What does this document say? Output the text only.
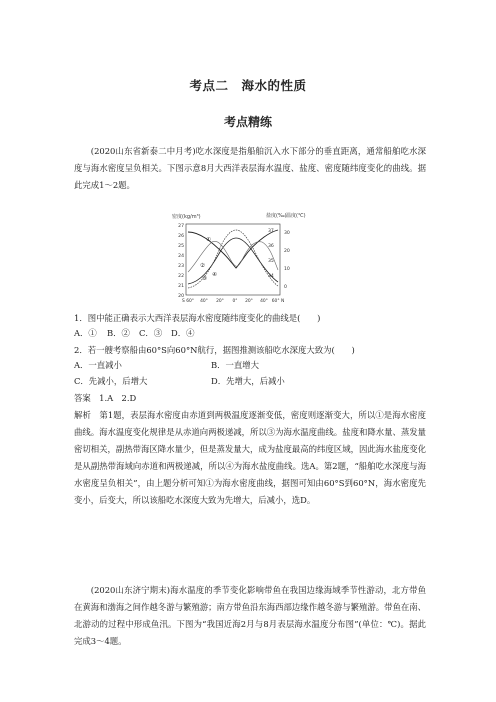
考点二　海水的性质
考点精练
(2020山东省新泰二中月考)吃水深度是指船舶沉入水下部分的垂直距离，通常船舶吃水深度与海水密度呈负相关。下图示意8月大西洋表层海水温度、盐度、密度随纬度变化的曲线。据此完成1～2题。
密度(kg/m³)	盐度(‰) 温度(℃)
27
26
25
24
23
22
21
20
37
36
35
34
30
20
10
0
S 60° 40° 20° 0° 20° 40° 60° N
①
②
③
④
1．图中能正确表示大西洋表层海水密度随纬度变化的曲线是(　　)
A．① B．② C．③ D．④
2．若一艘考察船由60°S向60°N航行，据图推测该船吃水深度大致为(　　)
A．一直减小	B．一直增大
C．先减小，后增大	D．先增大，后减小
答案　1.A　2.D
解析　第1题，表层海水密度由赤道到两极温度逐渐变低，密度则逐渐变大，所以①是海水密度曲线。海水温度变化规律是从赤道向两极递减，所以③为海水温度曲线。盐度和降水量、蒸发量密切相关，副热带海区降水量少，但是蒸发量大，成为盐度最高的纬度区域，因此海水盐度变化是从副热带海域向赤道和两极递减，所以④为海水盐度曲线。选A。第2题，“船舶吃水深度与海水密度呈负相关”，由上题分析可知①为海水密度曲线，据图可知由60°S到60°N，海水密度先变小，后变大，所以该船吃水深度大致为先增大，后减小，选D。
(2020山东济宁期末)海水温度的季节变化影响带鱼在我国边缘海域季节性游动，北方带鱼在黄海和渤海之间作越冬游与繁殖游；南方带鱼沿东海西部边缘作越冬游与繁殖游。带鱼在南、北游动的过程中形成鱼汛。下图为“我国近海2月与8月表层海水温度分布图”(单位：℃)。据此完成3～4题。
